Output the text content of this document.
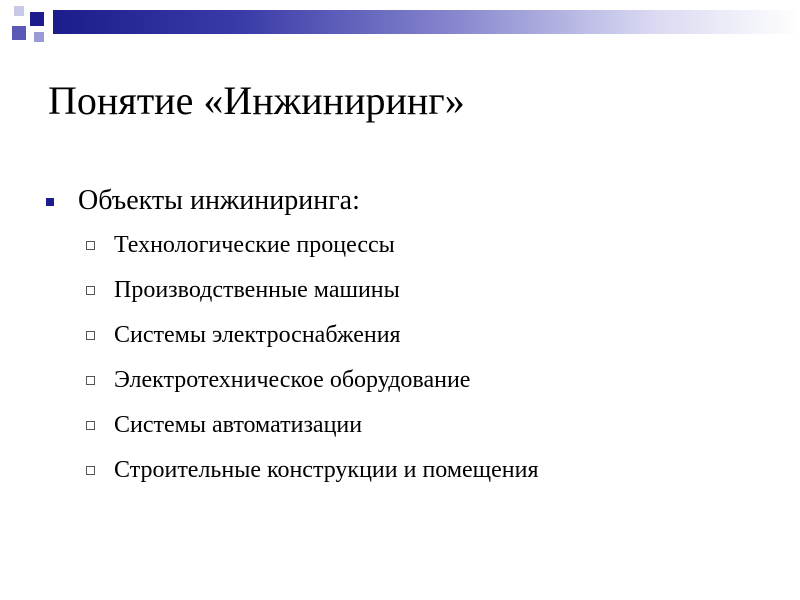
Понятие «Инжиниринг»
Объекты инжиниринга:
Технологические процессы
Производственные машины
Системы электроснабжения
Электротехническое оборудование
Системы автоматизации
Строительные конструкции и помещения
